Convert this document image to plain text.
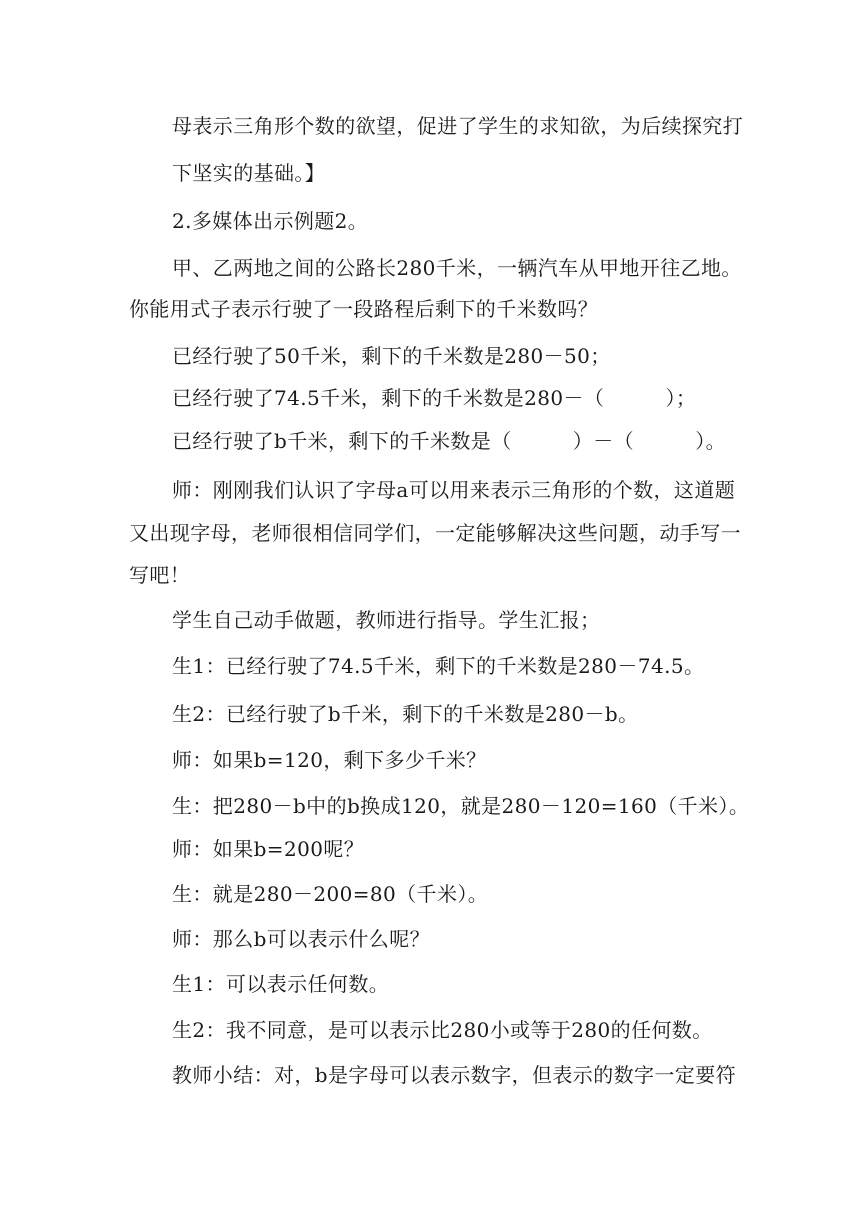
母表示三角形个数的欲望，促进了学生的求知欲，为后续探究打
下坚实的基础。】
2.多媒体出示例题2。
甲、乙两地之间的公路长280千米，一辆汽车从甲地开往乙地。
你能用式子表示行驶了一段路程后剩下的千米数吗？
已经行驶了50千米，剩下的千米数是280－50；
已经行驶了74.5千米，剩下的千米数是280－（　　　）；
已经行驶了b千米，剩下的千米数是（　　　）－（　　　）。
师：刚刚我们认识了字母a可以用来表示三角形的个数，这道题
又出现字母，老师很相信同学们，一定能够解决这些问题，动手写一
写吧！
学生自己动手做题，教师进行指导。学生汇报；
生1：已经行驶了74.5千米，剩下的千米数是280－74.5。
生2：已经行驶了b千米，剩下的千米数是280－b。
师：如果b=120，剩下多少千米？
生：把280－b中的b换成120，就是280－120=160（千米）。
师：如果b=200呢？
生：就是280－200=80（千米）。
师：那么b可以表示什么呢？
生1：可以表示任何数。
生2：我不同意，是可以表示比280小或等于280的任何数。
教师小结：对，b是字母可以表示数字，但表示的数字一定要符
